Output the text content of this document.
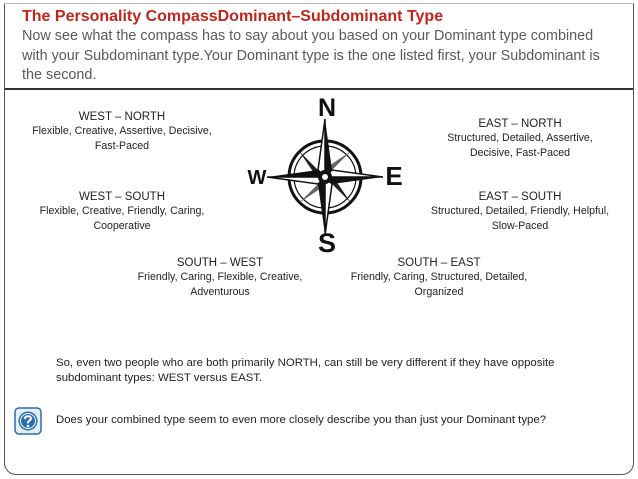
The Personality CompassDominant–Subdominant Type
Now see what the compass has to say about you based on your Dominant type combined with your Subdominant type.Your Dominant type is the one listed first, your Subdominant is the second.
WEST – NORTH
Flexible, Creative, Assertive, Decisive,
Fast-Paced
EAST – NORTH
Structured, Detailed, Assertive,
Decisive, Fast-Paced
WEST – SOUTH
Flexible, Creative, Friendly, Caring,
Cooperative
EAST – SOUTH
Structured, Detailed, Friendly, Helpful,
Slow-Paced
SOUTH – WEST
Friendly, Caring, Flexible, Creative,
Adventurous
SOUTH – EAST
Friendly, Caring, Structured, Detailed,
Organized
N
E
S
W
So, even two people who are both primarily NORTH, can still be very different if they have opposite subdominant types: WEST versus EAST.
Does your combined type seem to even more closely describe you than just your Dominant type?
